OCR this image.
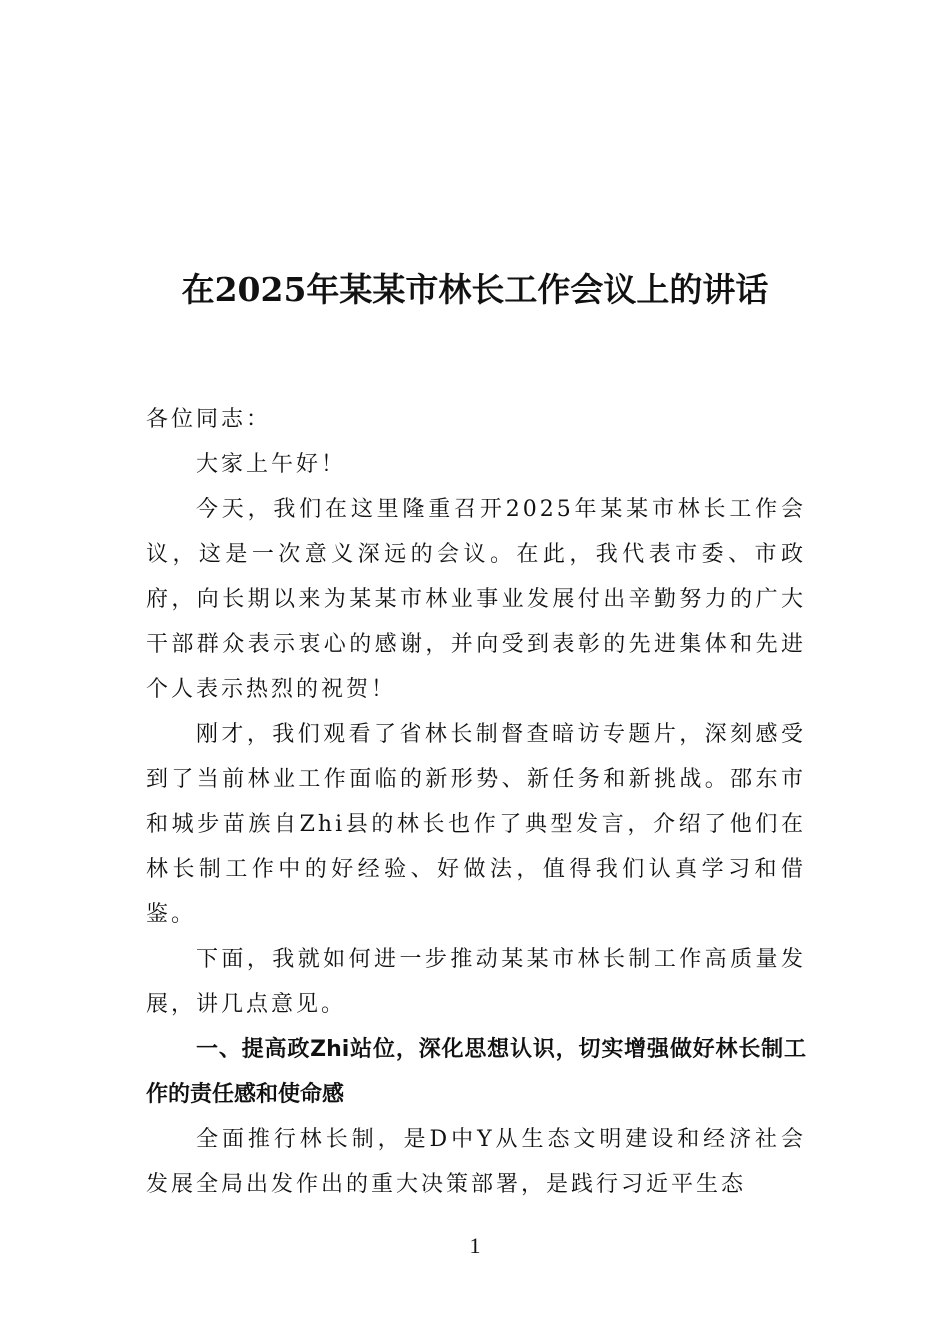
在2025年某某市林长工作会议上的讲话

各位同志：

大家上午好！

今天，我们在这里隆重召开2025年某某市林长工作会议，这是一次意义深远的会议。在此，我代表市委、市政府，向长期以来为某某市林业事业发展付出辛勤努力的广大干部群众表示衷心的感谢，并向受到表彰的先进集体和先进个人表示热烈的祝贺！

刚才，我们观看了省林长制督查暗访专题片，深刻感受到了当前林业工作面临的新形势、新任务和新挑战。邵东市和城步苗族自Zhi县的林长也作了典型发言，介绍了他们在林长制工作中的好经验、好做法，值得我们认真学习和借鉴。

下面，我就如何进一步推动某某市林长制工作高质量发展，讲几点意见。

一、提高政Zhi站位，深化思想认识，切实增强做好林长制工作的责任感和使命感

全面推行林长制，是D中Y从生态文明建设和经济社会发展全局出发作出的重大决策部署，是践行习近平生态

1
